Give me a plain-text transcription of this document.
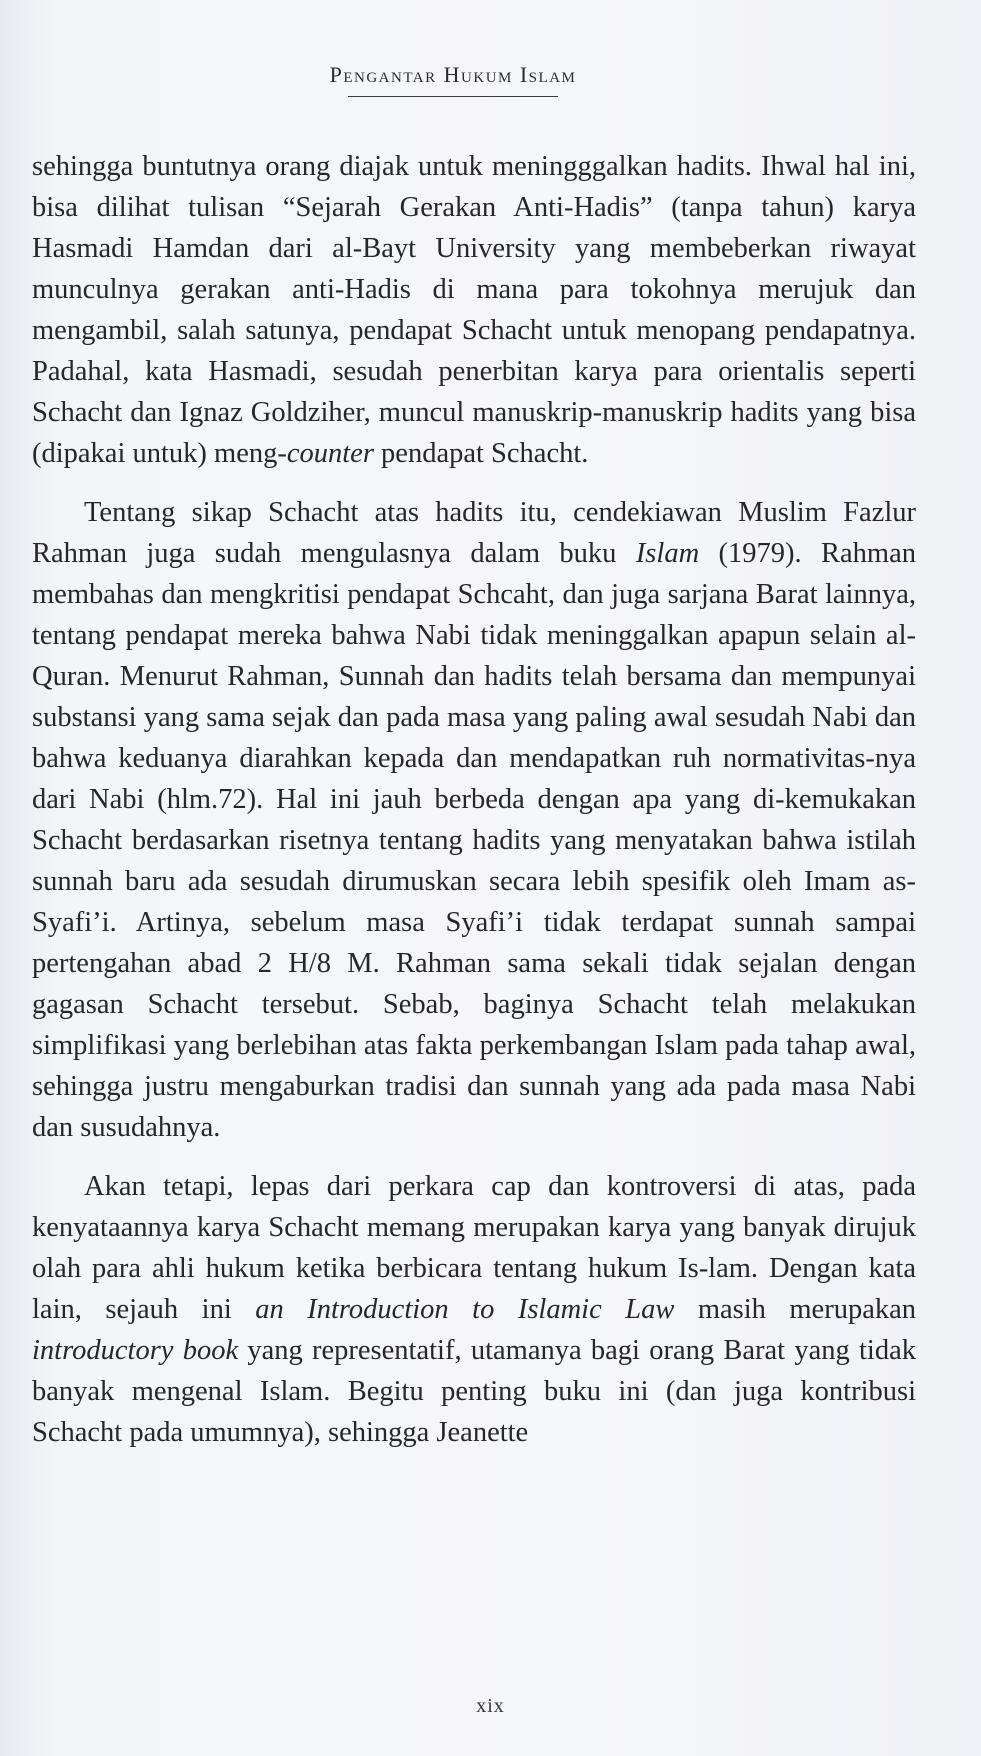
Pengantar Hukum Islam

sehingga buntutnya orang diajak untuk meningggalkan hadits. Ihwal hal ini, bisa dilihat tulisan “Sejarah Gerakan Anti-Hadis” (tanpa tahun) karya Hasmadi Hamdan dari al-Bayt University yang membeberkan riwayat munculnya gerakan anti-Hadis di mana para tokohnya merujuk dan mengambil, salah satunya, pendapat Schacht untuk menopang pendapatnya. Padahal, kata Hasmadi, sesudah penerbitan karya para orientalis seperti Schacht dan Ignaz Goldziher, muncul manuskrip-manuskrip hadits yang bisa (dipakai untuk) meng-counter pendapat Schacht.

Tentang sikap Schacht atas hadits itu, cendekiawan Muslim Fazlur Rahman juga sudah mengulasnya dalam buku Islam (1979). Rahman membahas dan mengkritisi pendapat Schcaht, dan juga sarjana Barat lainnya, tentang pendapat mereka bahwa Nabi tidak meninggalkan apapun selain al-Quran. Menurut Rahman, Sunnah dan hadits telah bersama dan mempunyai substansi yang sama sejak dan pada masa yang paling awal sesudah Nabi dan bahwa keduanya diarahkan kepada dan mendapatkan ruh normativitas-nya dari Nabi (hlm.72). Hal ini jauh berbeda dengan apa yang di-kemukakan Schacht berdasarkan risetnya tentang hadits yang menyatakan bahwa istilah sunnah baru ada sesudah dirumuskan secara lebih spesifik oleh Imam as-Syafi’i. Artinya, sebelum masa Syafi’i tidak terdapat sunnah sampai pertengahan abad 2 H/8 M. Rahman sama sekali tidak sejalan dengan gagasan Schacht tersebut. Sebab, baginya Schacht telah melakukan simplifikasi yang berlebihan atas fakta perkembangan Islam pada tahap awal, sehingga justru mengaburkan tradisi dan sunnah yang ada pada masa Nabi dan susudahnya.

Akan tetapi, lepas dari perkara cap dan kontroversi di atas, pada kenyataannya karya Schacht memang merupakan karya yang banyak dirujuk olah para ahli hukum ketika berbicara tentang hukum Is-lam. Dengan kata lain, sejauh ini an Introduction to Islamic Law masih merupakan introductory book yang representatif, utamanya bagi orang Barat yang tidak banyak mengenal Islam. Begitu penting buku ini (dan juga kontribusi Schacht pada umumnya), sehingga Jeanette

xix
